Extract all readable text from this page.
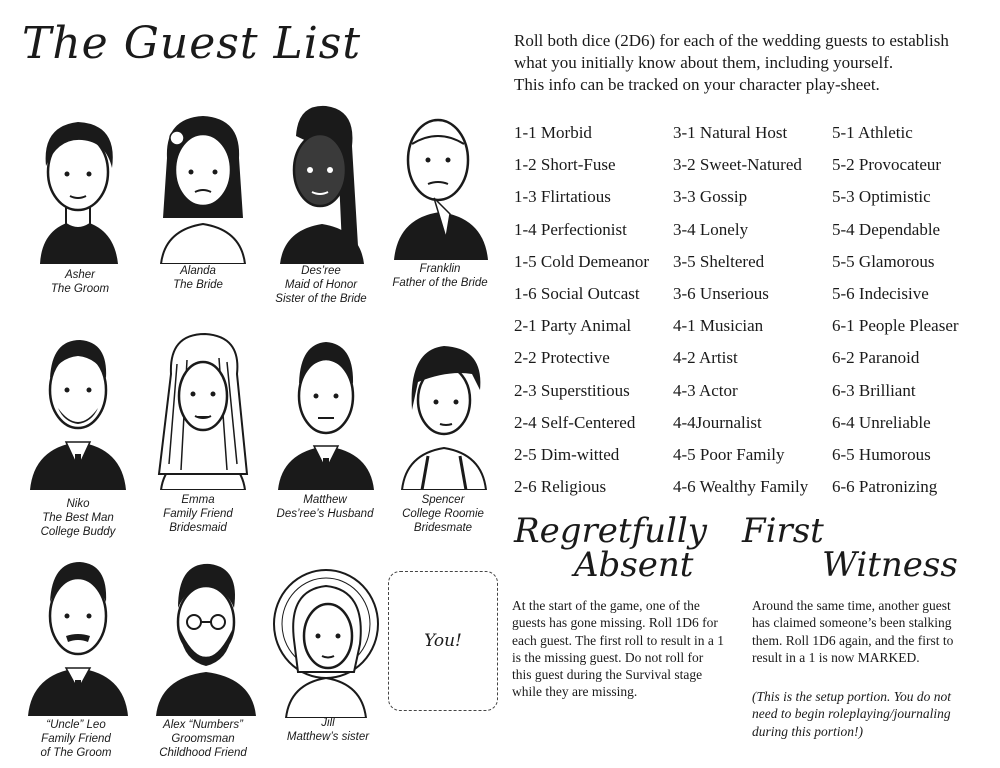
The Guest List	Roll both dice (2D6) for each of the wedding guests to establish
what you initially know about them, including yourself.
This info can be tracked on your character play-sheet.
1-1 Morbid
1-2 Short-Fuse
1-3 Flirtatious
1-4 Perfectionist
1-5 Cold Demeanor
1-6 Social Outcast
2-1 Party Animal
2-2 Protective
2-3 Superstitious
2-4 Self-Centered
2-5 Dim-witted
2-6 Religious
3-1 Natural Host
3-2 Sweet-Natured
3-3 Gossip
3-4 Lonely
3-5 Sheltered
3-6 Unserious
4-1 Musician
4-2 Artist
4-3 Actor
4-4Journalist
4-5 Poor Family
4-6 Wealthy Family
5-1 Athletic
5-2 Provocateur
5-3 Optimistic
5-4 Dependable
5-5 Glamorous
5-6 Indecisive
6-1 People Pleaser
6-2 Paranoid
6-3 Brilliant
6-4 Unreliable
6-5 Humorous
6-6 Patronizing
Asher
The Groom
Alanda
The Bride
Des’ree
Maid of Honor
Sister of the Bride
Franklin
Father of the Bride
Niko
The Best Man
College Buddy
Emma
Family Friend
Bridesmaid
Matthew
Des’ree’s Husband
Spencer
College Roomie
Bridesmate
“Uncle” Leo
Family Friend
of The Groom
Alex “Numbers”
Groomsman
Childhood Friend
Jill
Matthew’s sister
You!
Regretfully
Absent
At the start of the game, one of the
guests has gone missing. Roll 1D6 for
each guest. The first roll to result in a 1
is the missing guest. Do not roll for
this guest during the Survival stage
while they are missing.
First
Witness
Around the same time, another guest
has claimed someone’s been stalking
them. Roll 1D6 again, and the first to
result in a 1 is now MARKED.
(This is the setup portion. You do not
need to begin roleplaying/journaling
during this portion!)
